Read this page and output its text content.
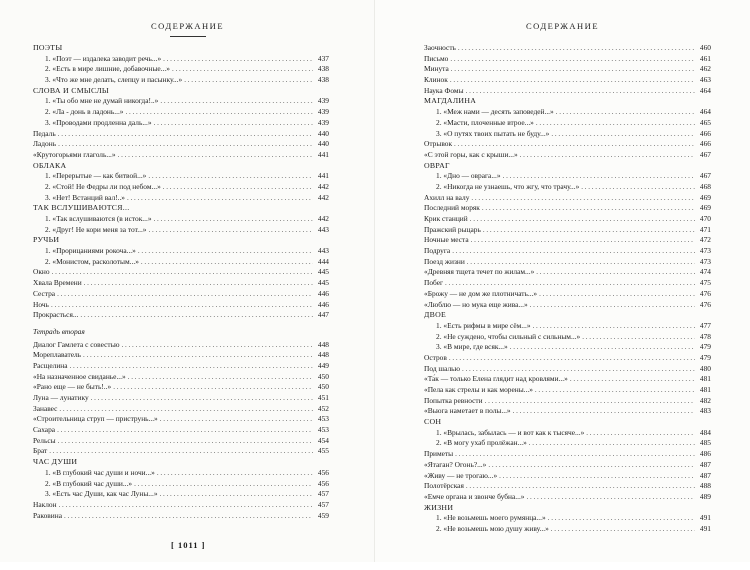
СОДЕРЖАНИЕ
ПОЭТЫ
1. «Поэт — издалека заводит речь...» . . .	437
2. «Есть в мире лишние, добавочные...» . . .	438
3. «Что же мне делать, слепцу и пасынку...» . . .	438
СЛОВА И СМЫСЛЫ
1. «Ты обо мне не думай никогда!..» . . .	439
2. «Ла - донь в ладонь...» . . .	439
3. «Проводами продленна даль...» . . .	439
Педаль . . .	440
Ладонь . . .	440
«Крутогорьями глаголь...» . . .	441
ОБЛАКА
1. «Перерытые — как битвой...» . . .	441
2. «Стой! Не Федры ли под небом...» . . .	442
3. «Нет! Встанций вал!..» . . .	442
ТАК ВСЛУШИВАЮТСЯ...
1. «Так вслушиваются (в исток...» . . .	442
2. «Друг! Не кори меня за тот...» . . .	443
РУЧЬИ
1. «Прорицаниями рокоча...» . . .	443
2. «Монистом, расколотым...» . . .	444
Окно . . .	445
Хвала Времени . . .	445
Сестра . . .	446
Ночь . . .	446
Прокрасться... . . .	447
Тетрадь вторая
Диалог Гамлета с совестью . . .	448
Мореплаватель . . .	448
Расщелина . . .	449
«На назначенное свиданье...» . . .	450
«Рано еще — не быть!..» . . .	450
Луна — лунатику . . .	451
Занавес . . .	452
«Строительница струп — приструнь...» . . .	453
Сахара . . .	453
Рельсы . . .	454
Брат . . .	455
ЧАС ДУШИ
1. «В глубокий час души и ночи...» . . .	456
2. «В глубокий час души...» . . .	456
3. «Есть час Души, как час Луны...» . . .	457
Наклон . . .	457
Раковина . . .	459
[ 1011 ]
СОДЕРЖАНИЕ
Заочность . . .	460
Письмо . . .	461
Минута . . .	462
Клинок . . .	463
Наука Фомы . . .	464
МАГДАЛИНА
1. «Меж нами — десять заповедей...» . . .	464
2. «Масти, плоченные втрое...» . . .	465
3. «О путях твоих пытать не буду...» . . .	466
Отрывок . . .	466
«С этой горы, как с крыши...» . . .	467
ОВРАГ
1. «Дно — оврага...» . . .	467
2. «Никогда не узнаешь, что жгу, что трачу...» . . .	468
Ахилл на валу . . .	469
Последний моряк . . .	469
Крик станций . . .	470
Пражский рыцарь . . .	471
Ночные места . . .	472
Подруга . . .	473
Поезд жизни . . .	473
«Древняя тщета течет по жилам...» . . .	474
Побег . . .	475
«Брожу — не дом же плотничать...» . . .	476
«Люблю — но мука еще жива...» . . .	476
ДВОЕ
1. «Есть рифмы в мире сём...» . . .	477
2. «Не суждено, чтобы сильный с сильным...» . . .	478
3. «В мире, где всяк...» . . .	479
Остров . . .	479
Под шалью . . .	480
«Та́к — только Елена глядит над кровлями...» . . .	481
«Пела как стрелы и как морены...» . . .	481
Попытка ревности . . .	482
«Вьюга наметает в полы...» . . .	483
СОН
1. «Врылась, забылась — и вот как к тысяче...» . . .	484
2. «В могу ухаб пролёжан...» . . .	485
Приметы . . .	486
«Ятаган? Огонь?...» . . .	487
«Живу — не трогаю...» . . .	487
Полотёрская . . .	488
«Емче органа и звонче бубна...» . . .	489
ЖИЗНИ
1. «Не возьмешь моего румянца...» . . .	491
2. «Не возьмешь мою душу живу...» . . .	491
